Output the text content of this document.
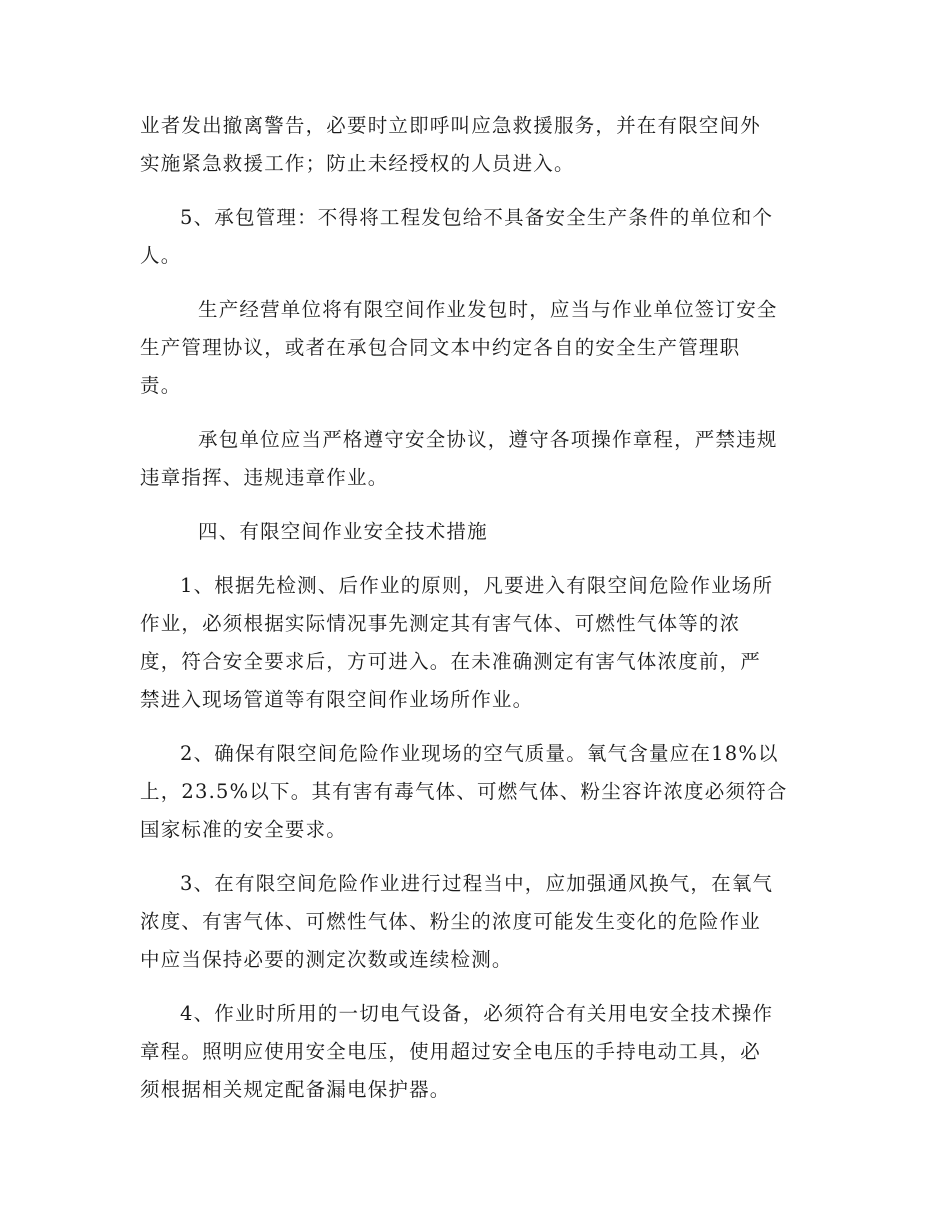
业者发出撤离警告，必要时立即呼叫应急救援服务，并在有限空间外
实施紧急救援工作；防止未经授权的人员进入。
5、承包管理：不得将工程发包给不具备安全生产条件的单位和个
人。
生产经营单位将有限空间作业发包时，应当与作业单位签订安全
生产管理协议，或者在承包合同文本中约定各自的安全生产管理职
责。
承包单位应当严格遵守安全协议，遵守各项操作章程，严禁违规
违章指挥、违规违章作业。
四、有限空间作业安全技术措施
1、根据先检测、后作业的原则，凡要进入有限空间危险作业场所
作业，必须根据实际情况事先测定其有害气体、可燃性气体等的浓
度，符合安全要求后，方可进入。在未准确测定有害气体浓度前，严
禁进入现场管道等有限空间作业场所作业。
2、确保有限空间危险作业现场的空气质量。氧气含量应在18%以
上，23.5%以下。其有害有毒气体、可燃气体、粉尘容许浓度必须符合
国家标准的安全要求。
3、在有限空间危险作业进行过程当中，应加强通风换气，在氧气
浓度、有害气体、可燃性气体、粉尘的浓度可能发生变化的危险作业
中应当保持必要的测定次数或连续检测。
4、作业时所用的一切电气设备，必须符合有关用电安全技术操作
章程。照明应使用安全电压，使用超过安全电压的手持电动工具，必
须根据相关规定配备漏电保护器。
